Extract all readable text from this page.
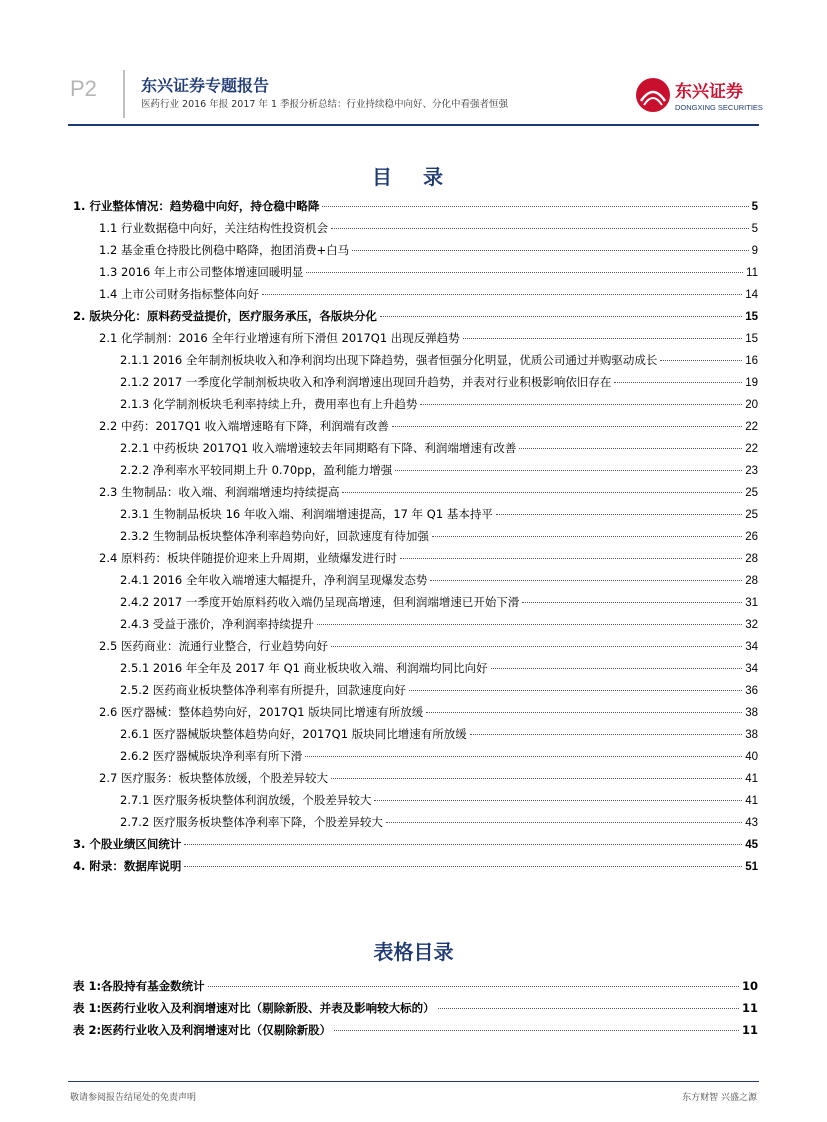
P2	东兴证券专题报告
医药行业 2016 年报 2017 年 1 季报分析总结：行业持续稳中向好、分化中看强者恒强
东兴证券
DONGXING SECURITIES
目 录
1. 行业整体情况：趋势稳中向好，持仓稳中略降	5
1.1 行业数据稳中向好，关注结构性投资机会	5
1.2 基金重仓持股比例稳中略降，抱团消费+白马	9
1.3 2016 年上市公司整体增速回暖明显	11
1.4 上市公司财务指标整体向好	14
2. 版块分化：原料药受益提价，医疗服务承压，各版块分化	15
2.1 化学制剂：2016 全年行业增速有所下滑但 2017Q1 出现反弹趋势	15
2.1.1 2016 全年制剂板块收入和净利润均出现下降趋势，强者恒强分化明显，优质公司通过并购驱动成长	16
2.1.2 2017 一季度化学制剂板块收入和净利润增速出现回升趋势，并表对行业积极影响依旧存在	19
2.1.3 化学制剂板块毛利率持续上升，费用率也有上升趋势	20
2.2 中药：2017Q1 收入端增速略有下降，利润端有改善	22
2.2.1 中药板块 2017Q1 收入端增速较去年同期略有下降、利润端增速有改善	22
2.2.2 净利率水平较同期上升 0.70pp，盈利能力增强	23
2.3 生物制品：收入端、利润端增速均持续提高	25
2.3.1 生物制品板块 16 年收入端、利润端增速提高，17 年 Q1 基本持平	25
2.3.2 生物制品板块整体净利率趋势向好，回款速度有待加强	26
2.4 原料药：板块伴随提价迎来上升周期，业绩爆发进行时	28
2.4.1 2016 全年收入端增速大幅提升，净利润呈现爆发态势	28
2.4.2 2017 一季度开始原料药收入端仍呈现高增速，但利润端增速已开始下滑	31
2.4.3 受益于涨价，净利润率持续提升	32
2.5 医药商业：流通行业整合，行业趋势向好	34
2.5.1 2016 年全年及 2017 年 Q1 商业板块收入端、利润端均同比向好	34
2.5.2 医药商业板块整体净利率有所提升，回款速度向好	36
2.6 医疗器械：整体趋势向好，2017Q1 版块同比增速有所放缓	38
2.6.1 医疗器械版块整体趋势向好，2017Q1 版块同比增速有所放缓	38
2.6.2 医疗器械版块净利率有所下滑	40
2.7 医疗服务：板块整体放缓，个股差异较大	41
2.7.1 医疗服务板块整体利润放缓，个股差异较大	41
2.7.2 医疗服务板块整体净利率下降，个股差异较大	43
3. 个股业绩区间统计	45
4. 附录：数据库说明	51
表格目录
表 1:各股持有基金数统计	10
表 1:医药行业收入及利润增速对比（剔除新股、并表及影响较大标的）	11
表 2:医药行业收入及利润增速对比（仅剔除新股）	11
敬请参阅报告结尾处的免责声明	东方财智 兴盛之源
